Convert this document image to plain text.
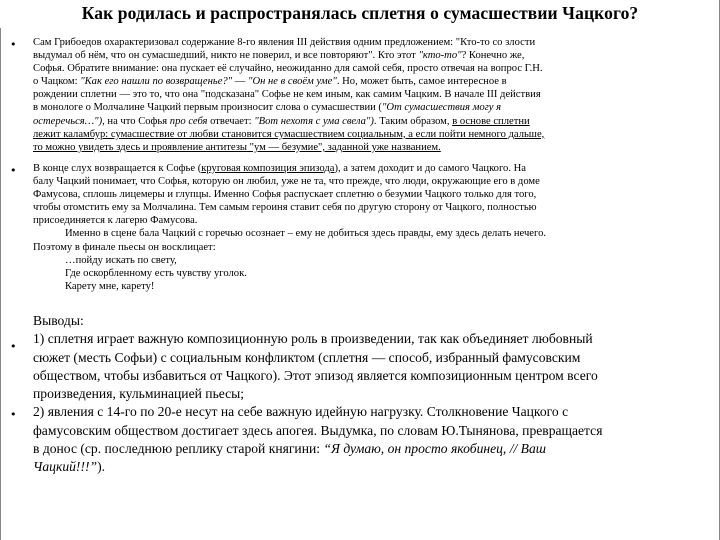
Как родилась и распространялась сплетня о сумасшествии Чацкого?
•
•
•
•
Сам Грибоедов охарактеризовал содержание 8-го явления III действия одним предложением: "Кто-то со злости
выдумал об нём, что он сумасшедший, никто не поверил, и все повторяют". Кто этот "кто-то"? Конечно же,
Софья. Обратите внимание: она пускает её случайно, неожиданно для самой себя, просто отвечая на вопрос Г.Н.
о Чацком: "Как его нашли по возвращенье?" — "Он не в своём уме". Но, может быть, самое интересное в
рождении сплетни — это то, что она "подсказана" Софье не кем иным, как самим Чацким. В начале III действия
в монологе о Молчалине Чацкий первым произносит слова о сумасшествии ("От сумасшествия могу я
остеречься…"), на что Софья про себя отвечает: "Вот нехотя с ума свела"). Таким образом, в основе сплетни
лежит каламбур: сумасшествие от любви становится сумасшествием социальным, а если пойти немного дальше,
то можно увидеть здесь и проявление антитезы "ум — безумие", заданной уже названием.
В конце слух возвращается к Софье (круговая композиция эпизода), а затем доходит и до самого Чацкого. На
балу Чацкий понимает, что Софья, которую он любил, уже не та, что прежде, что люди, окружающие его в доме
Фамусова, сплошь лицемеры и глупцы. Именно Софья распускает сплетню о безумии Чацкого только для того,
чтобы отомстить ему за Молчалина. Тем самым героиня ставит себя по другую сторону от Чацкого, полностью
присоединяется к лагерю Фамусова.
Именно в сцене бала Чацкий с горечью осознает – ему не добиться здесь правды, ему здесь делать нечего.
Поэтому в финале пьесы он восклицает:
…пойду искать по свету,
Где оскорбленному есть чувству уголок.
Карету мне, карету!
Выводы:
1) сплетня играет важную композиционную роль в произведении, так как объединяет любовный
сюжет (месть Софьи) с социальным конфликтом (сплетня — способ, избранный фамусовским
обществом, чтобы избавиться от Чацкого). Этот эпизод является композиционным центром всего
произведения, кульминацией пьесы;
2) явления с 14-го по 20-е несут на себе важную идейную нагрузку. Столкновение Чацкого с
фамусовским обществом достигает здесь апогея. Выдумка, по словам Ю.Тынянова, превращается
в донос (ср. последнюю реплику старой княгини: “Я думаю, он просто якобинец, // Ваш
Чацкий!!!”).
